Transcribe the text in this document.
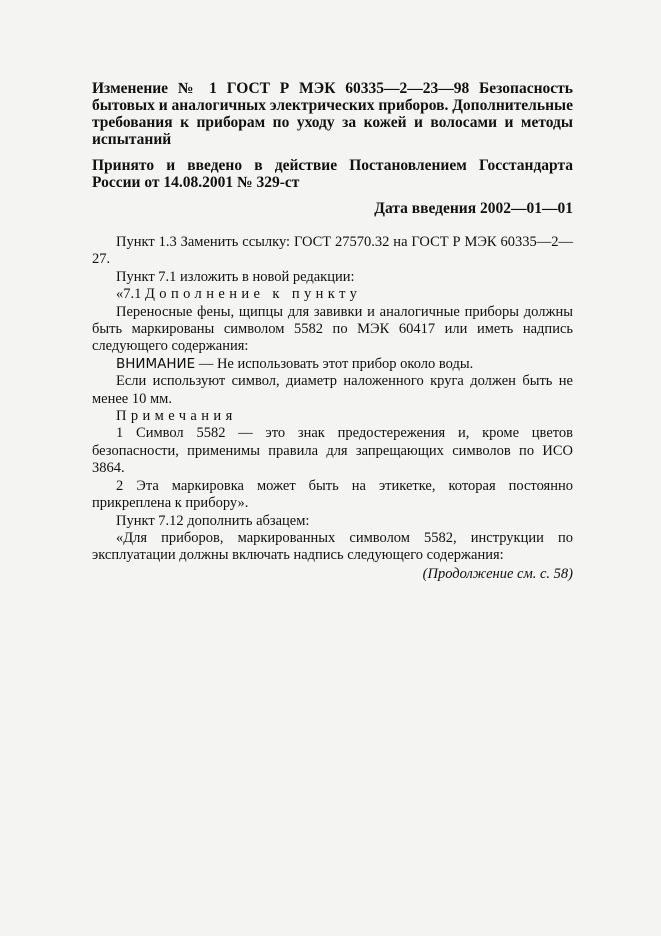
Изменение № 1 ГОСТ Р МЭК 60335—2—23—98 Безопасность бытовых и аналогичных электрических приборов. Дополнительные требования к приборам по уходу за кожей и волосами и методы испытаний

Принято и введено в действие Постановлением Госстандарта России от 14.08.2001 № 329-ст

Дата введения 2002—01—01

Пункт 1.3 Заменить ссылку: ГОСТ 27570.32 на ГОСТ Р МЭК 60335—2—27.

Пункт 7.1 изложить в новой редакции:

«7.1 Дополнение к пункту

Переносные фены, щипцы для завивки и аналогичные приборы должны быть маркированы символом 5582 по МЭК 60417 или иметь надпись следующего содержания:

ВНИМАНИЕ — Не использовать этот прибор около воды.

Если используют символ, диаметр наложенного круга должен быть не менее 10 мм.

Примечания

1 Символ 5582 — это знак предостережения и, кроме цветов безопасности, применимы правила для запрещающих символов по ИСО 3864.

2 Эта маркировка может быть на этикетке, которая постоянно прикреплена к прибору».

Пункт 7.12 дополнить абзацем:

«Для приборов, маркированных символом 5582, инструкции по эксплуатации должны включать надпись следующего содержания:

(Продолжение см. с. 58)
